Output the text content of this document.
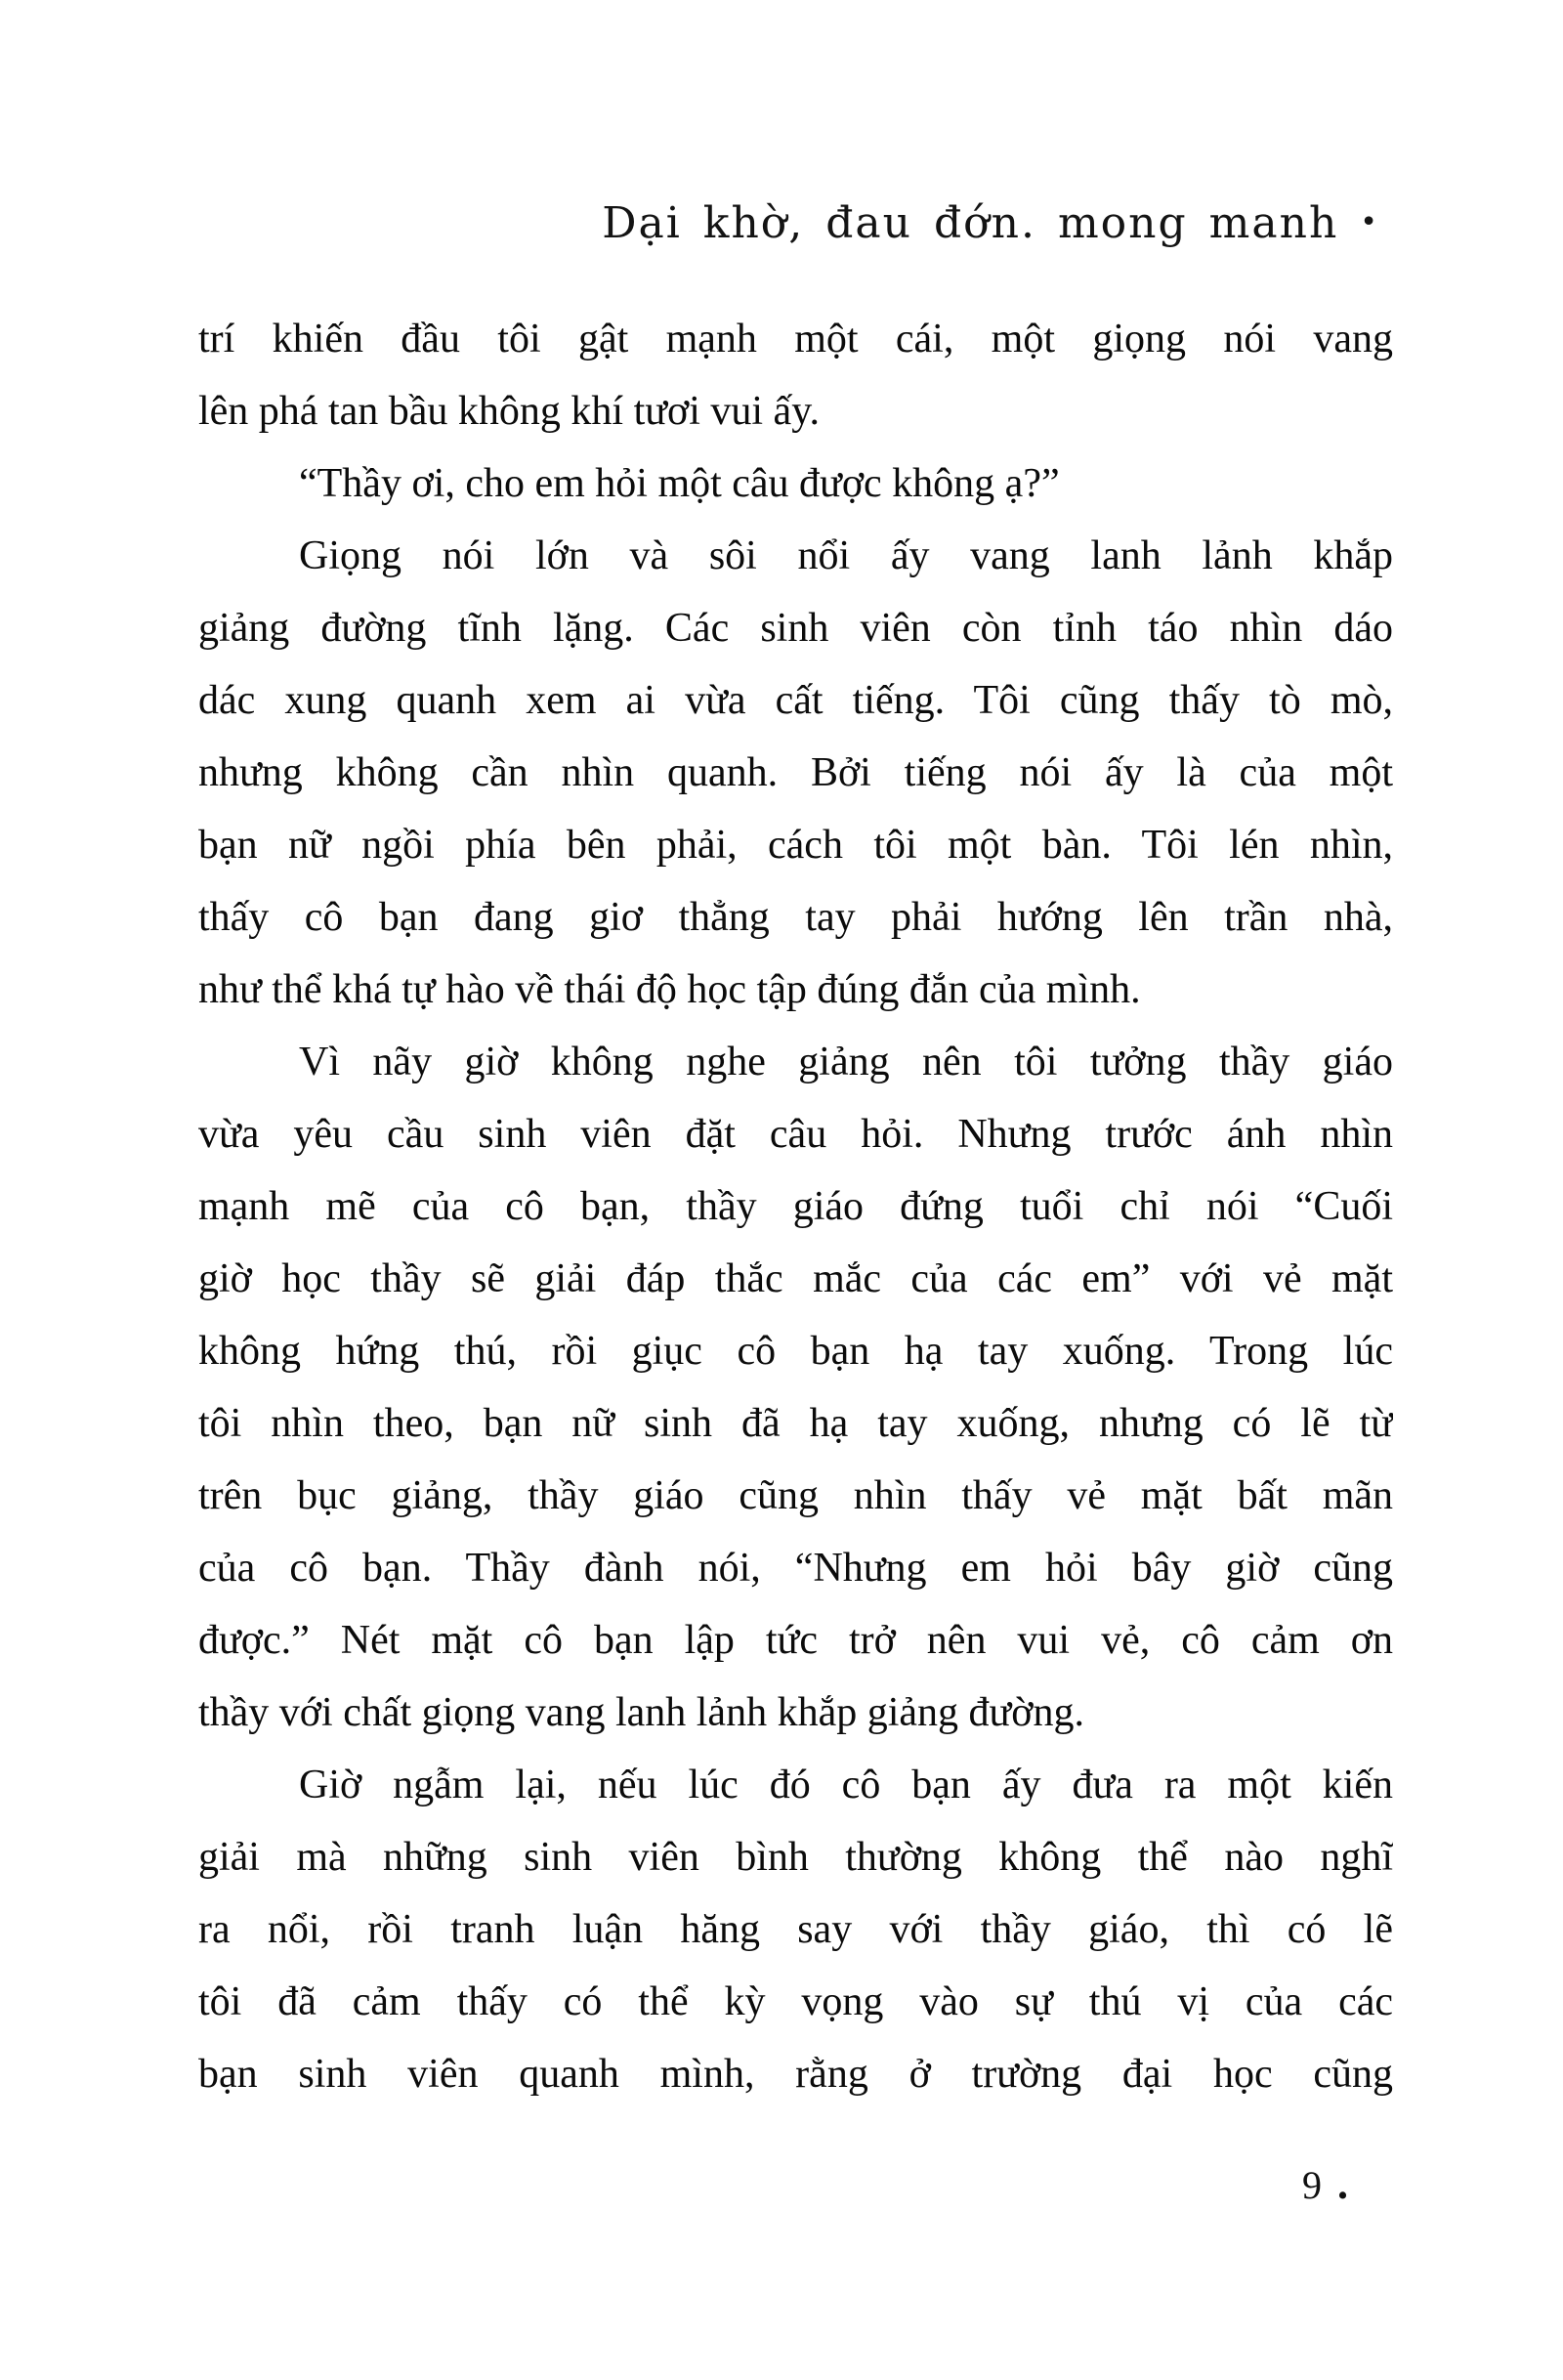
Dại khờ, đau đớn. mong manh •
trí khiến đầu tôi gật mạnh một cái, một giọng nói vang
lên phá tan bầu không khí tươi vui ấy.
“Thầy ơi, cho em hỏi một câu được không ạ?”
Giọng nói lớn và sôi nổi ấy vang lanh lảnh khắp
giảng đường tĩnh lặng. Các sinh viên còn tỉnh táo nhìn dáo
dác xung quanh xem ai vừa cất tiếng. Tôi cũng thấy tò mò,
nhưng không cần nhìn quanh. Bởi tiếng nói ấy là của một
bạn nữ ngồi phía bên phải, cách tôi một bàn. Tôi lén nhìn,
thấy cô bạn đang giơ thẳng tay phải hướng lên trần nhà,
như thể khá tự hào về thái độ học tập đúng đắn của mình.
Vì nãy giờ không nghe giảng nên tôi tưởng thầy giáo
vừa yêu cầu sinh viên đặt câu hỏi. Nhưng trước ánh nhìn
mạnh mẽ của cô bạn, thầy giáo đứng tuổi chỉ nói “Cuối
giờ học thầy sẽ giải đáp thắc mắc của các em” với vẻ mặt
không hứng thú, rồi giục cô bạn hạ tay xuống. Trong lúc
tôi nhìn theo, bạn nữ sinh đã hạ tay xuống, nhưng có lẽ từ
trên bục giảng, thầy giáo cũng nhìn thấy vẻ mặt bất mãn
của cô bạn. Thầy đành nói, “Nhưng em hỏi bây giờ cũng
được.” Nét mặt cô bạn lập tức trở nên vui vẻ, cô cảm ơn
thầy với chất giọng vang lanh lảnh khắp giảng đường.
Giờ ngẫm lại, nếu lúc đó cô bạn ấy đưa ra một kiến
giải mà những sinh viên bình thường không thể nào nghĩ
ra nổi, rồi tranh luận hăng say với thầy giáo, thì có lẽ
tôi đã cảm thấy có thể kỳ vọng vào sự thú vị của các
bạn sinh viên quanh mình, rằng ở trường đại học cũng
9 .
